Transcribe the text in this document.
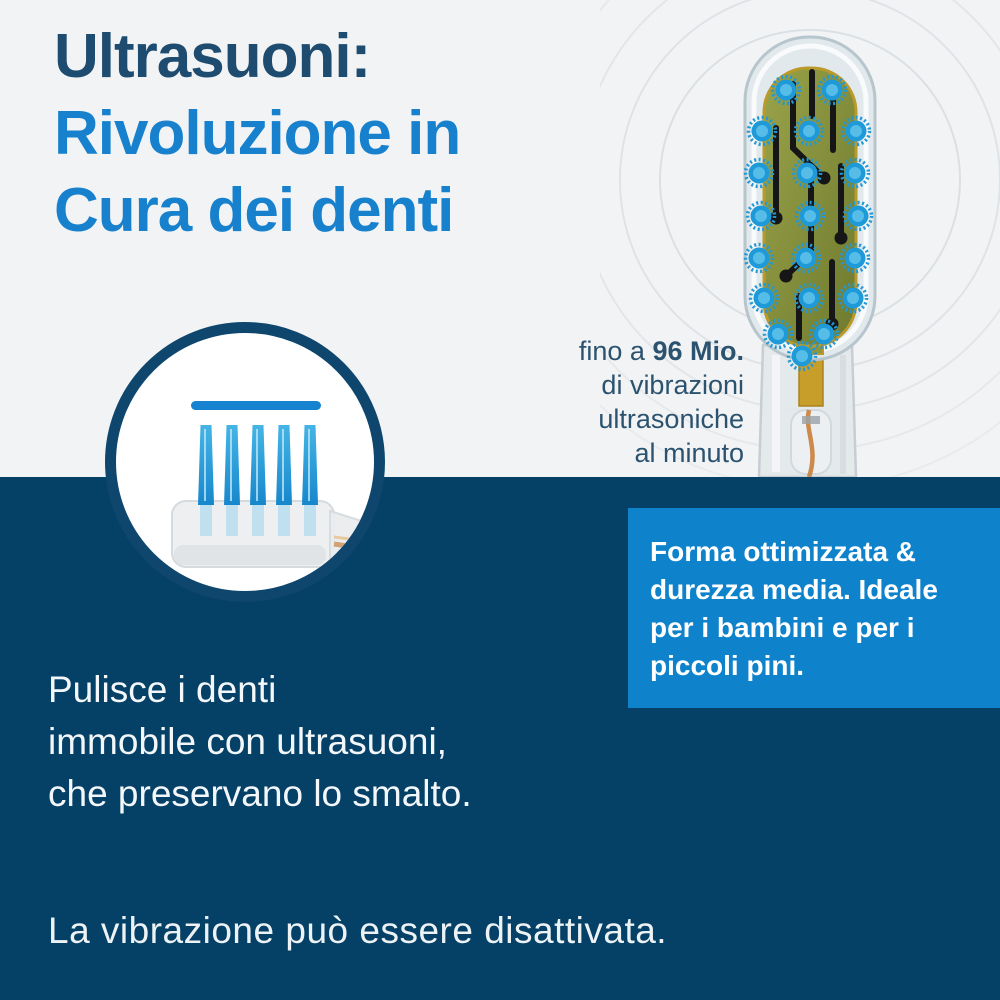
Ultrasuoni:
Rivoluzione in
Cura dei denti
fino a 96 Mio.
di vibrazioni
ultrasoniche
al minuto
Forma ottimizzata &
durezza media. Ideale
per i bambini e per i
piccoli pini.
Pulisce i denti
immobile con ultrasuoni,
che preservano lo smalto.
La vibrazione può essere disattivata.
